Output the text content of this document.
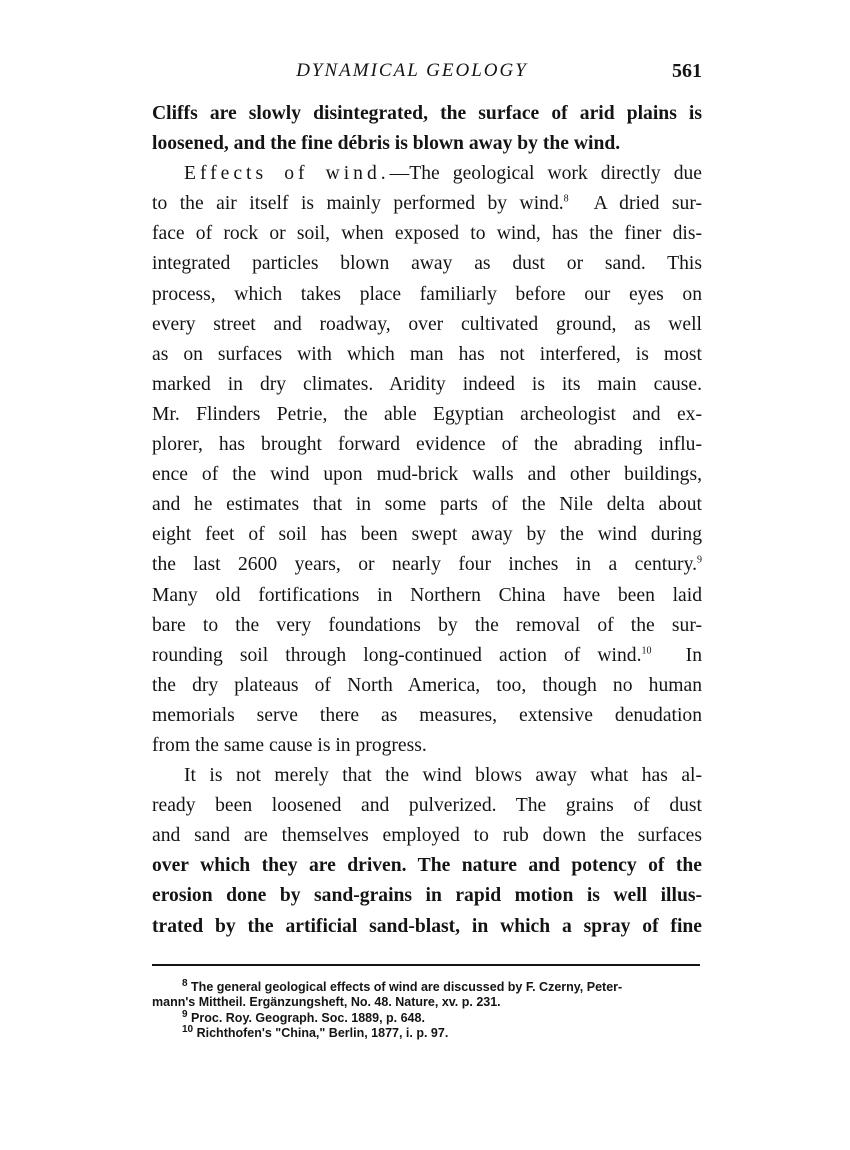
DYNAMICAL GEOLOGY	561
Cliffs are slowly disintegrated, the surface of arid plains is
loosened, and the fine débris is blown away by the wind.
Effects of wind.—The geological work directly due
to the air itself is mainly performed by wind.$^8$ A dried sur-
face of rock or soil, when exposed to wind, has the finer dis-
integrated particles blown away as dust or sand. This
process, which takes place familiarly before our eyes on
every street and roadway, over cultivated ground, as well
as on surfaces with which man has not interfered, is most
marked in dry climates. Aridity indeed is its main cause.
Mr. Flinders Petrie, the able Egyptian archeologist and ex-
plorer, has brought forward evidence of the abrading influ-
ence of the wind upon mud-brick walls and other buildings,
and he estimates that in some parts of the Nile delta about
eight feet of soil has been swept away by the wind during
the last 2600 years, or nearly four inches in a century.$^9$
Many old fortifications in Northern China have been laid
bare to the very foundations by the removal of the sur-
rounding soil through long-continued action of wind.$^{10}$ In
the dry plateaus of North America, too, though no human
memorials serve there as measures, extensive denudation
from the same cause is in progress.
It is not merely that the wind blows away what has al-
ready been loosened and pulverized. The grains of dust
and sand are themselves employed to rub down the surfaces
over which they are driven. The nature and potency of the
erosion done by sand-grains in rapid motion is well illus-
trated by the artificial sand-blast, in which a spray of fine
$^8$ The general geological effects of wind are discussed by F. Czerny, Peter-
mann's Mittheil. Ergänzungsheft, No. 48. Nature, xv. p. 231.
$^9$ Proc. Roy. Geograph. Soc. 1889, p. 648.
$^{10}$ Richthofen's "China," Berlin, 1877, i. p. 97.
